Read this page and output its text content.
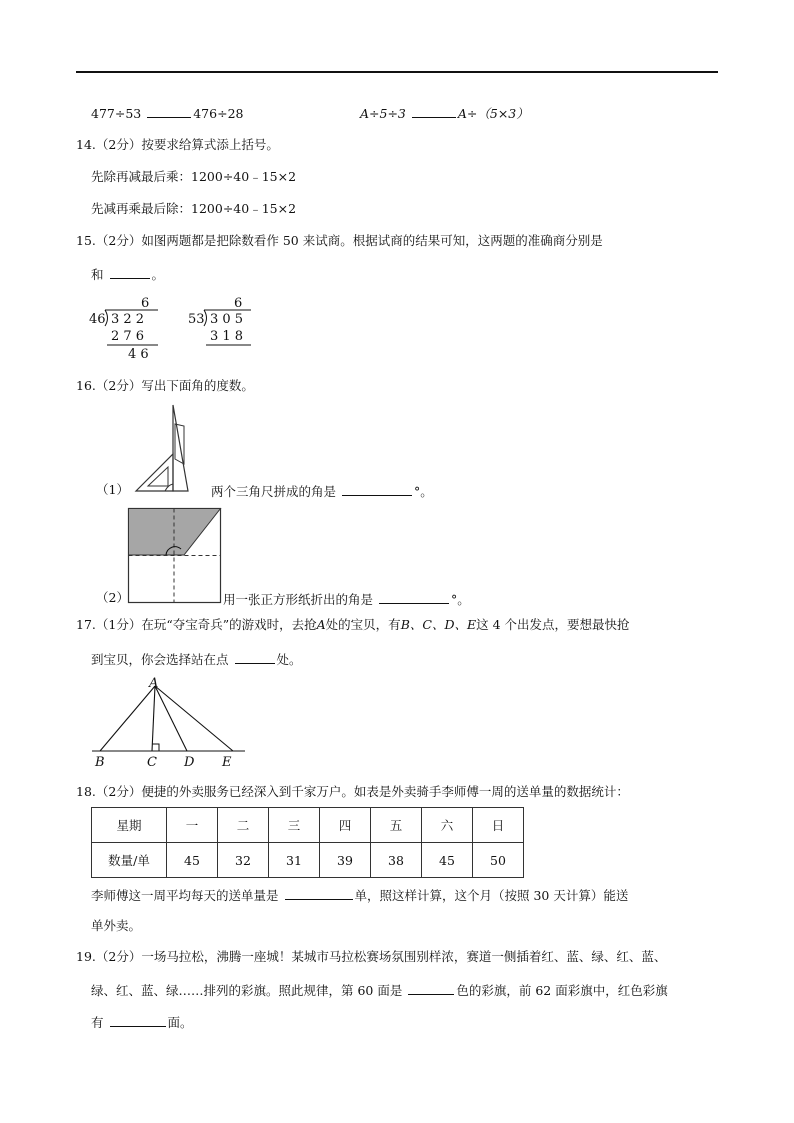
477÷53	476÷28	A÷5÷3	A÷（5×3）
14.（2分）按要求给算式添上括号。
先除再减最后乘：1200÷40﹣15×2
先减再乘最后除：1200÷40﹣15×2
15.（2分）如图两题都是把除数看作 50 来试商。根据试商的结果可知，这两题的准确商分别是
和	。
6
46 3 2 2
2 7 6
4 6
6
53 3 0 5
3 1 8
16.（2分）写出下面角的度数。
（1）	两个三角尺拼成的角是	°。
（2）	用一张正方形纸折出的角是	°。
17.（1分）在玩“夺宝奇兵”的游戏时，去抢A处的宝贝，有B、C、D、E这 4 个出发点，要想最快抢
到宝贝，你会选择站在点	处。
A
B	C D E
18.（2分）便捷的外卖服务已经深入到千家万户。如表是外卖骑手李师傅一周的送单量的数据统计：
星期	一	二	三	四	五	六	日
数量/单	45	32	31	39	38	45	50
李师傅这一周平均每天的送单量是	单，照这样计算，这个月（按照 30 天计算）能送
单外卖。
19.（2分）一场马拉松，沸腾一座城！某城市马拉松赛场氛围别样浓，赛道一侧插着红、蓝、绿、红、蓝、
绿、红、蓝、绿……排列的彩旗。照此规律，第 60 面是	色的彩旗，前 62 面彩旗中，红色彩旗
有	面。
